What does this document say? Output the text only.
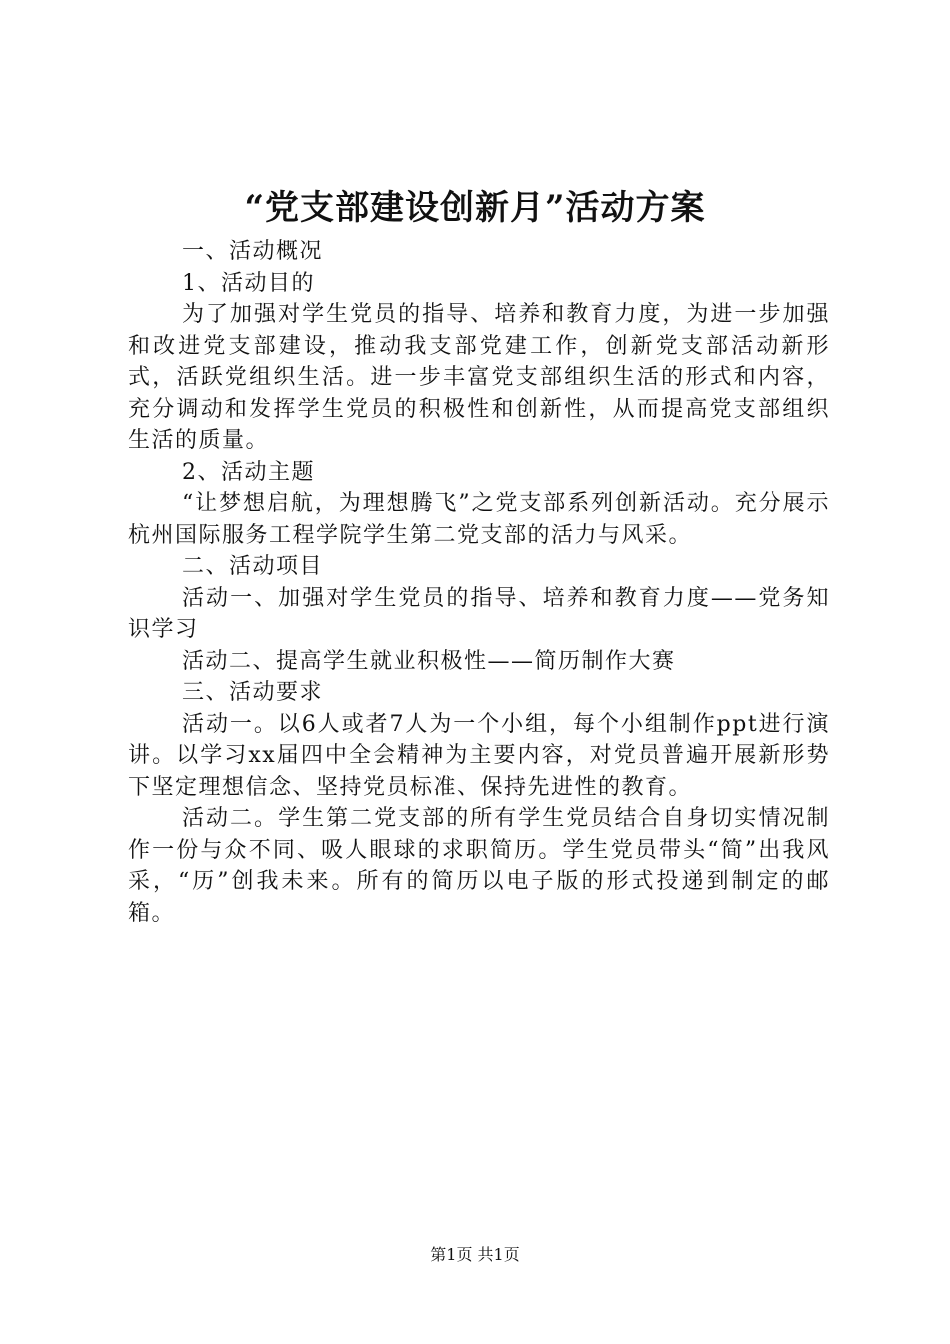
“党支部建设创新月”活动方案

一、活动概况

1、活动目的

为了加强对学生党员的指导、培养和教育力度，为进一步加强和改进党支部建设，推动我支部党建工作，创新党支部活动新形式，活跃党组织生活。进一步丰富党支部组织生活的形式和内容，充分调动和发挥学生党员的积极性和创新性，从而提高党支部组织生活的质量。

2、活动主题

“让梦想启航，为理想腾飞”之党支部系列创新活动。充分展示杭州国际服务工程学院学生第二党支部的活力与风采。

二、活动项目

活动一、加强对学生党员的指导、培养和教育力度——党务知识学习

活动二、提高学生就业积极性——简历制作大赛

三、活动要求

活动一。以6人或者7人为一个小组，每个小组制作ppt进行演讲。以学习xx届四中全会精神为主要内容，对党员普遍开展新形势下坚定理想信念、坚持党员标准、保持先进性的教育。

活动二。学生第二党支部的所有学生党员结合自身切实情况制作一份与众不同、吸人眼球的求职简历。学生党员带头“简”出我风采，“历”创我未来。所有的简历以电子版的形式投递到制定的邮箱。

第1页 共1页
